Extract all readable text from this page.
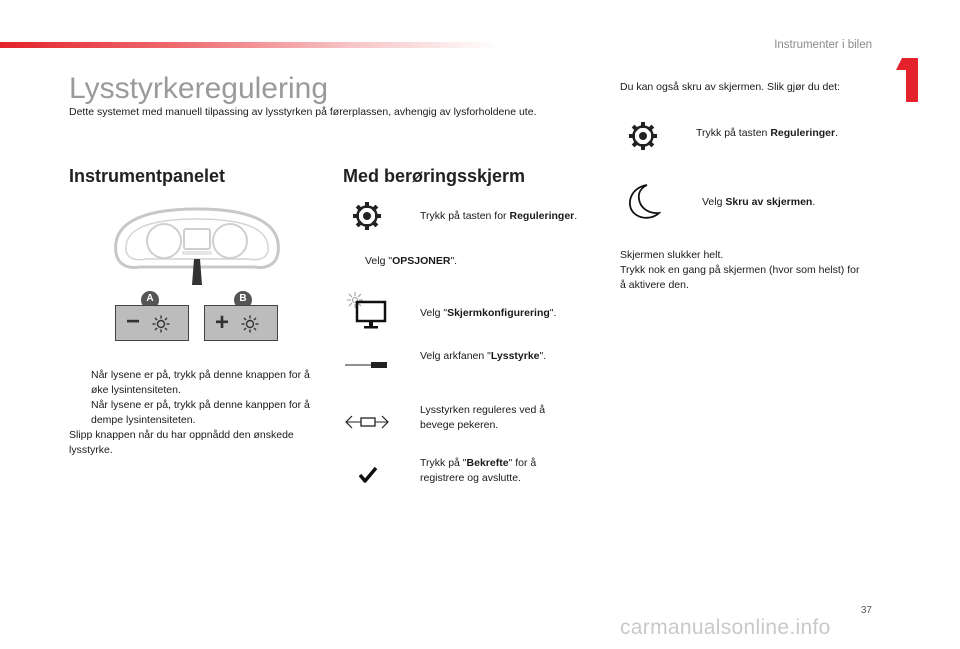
Instrumenter i bilen
Lysstyrkeregulering
Dette systemet med manuell tilpassing av lysstyrken på førerplassen, avhengig av lysforholdene ute.
Instrumentpanelet
A
−
B
+
Når lysene er på, trykk på denne knappen for å øke lysintensiteten.
Når lysene er på, trykk på denne kanppen for å dempe lysintensiteten.
Slipp knappen når du har oppnådd den ønskede lysstyrke.
Med berøringsskjerm
Trykk på tasten for Reguleringer.
Velg "OPSJONER".
Velg "Skjermkonfigurering".
Velg arkfanen "Lysstyrke".
Lysstyrken reguleres ved å bevege pekeren.
Trykk på "Bekrefte" for å registrere og avslutte.
Du kan også skru av skjermen. Slik gjør du det:
Trykk på tasten Reguleringer.
Velg Skru av skjermen.
Skjermen slukker helt.
Trykk nok en gang på skjermen (hvor som helst) for å aktivere den.
37
carmanualsonline.info
